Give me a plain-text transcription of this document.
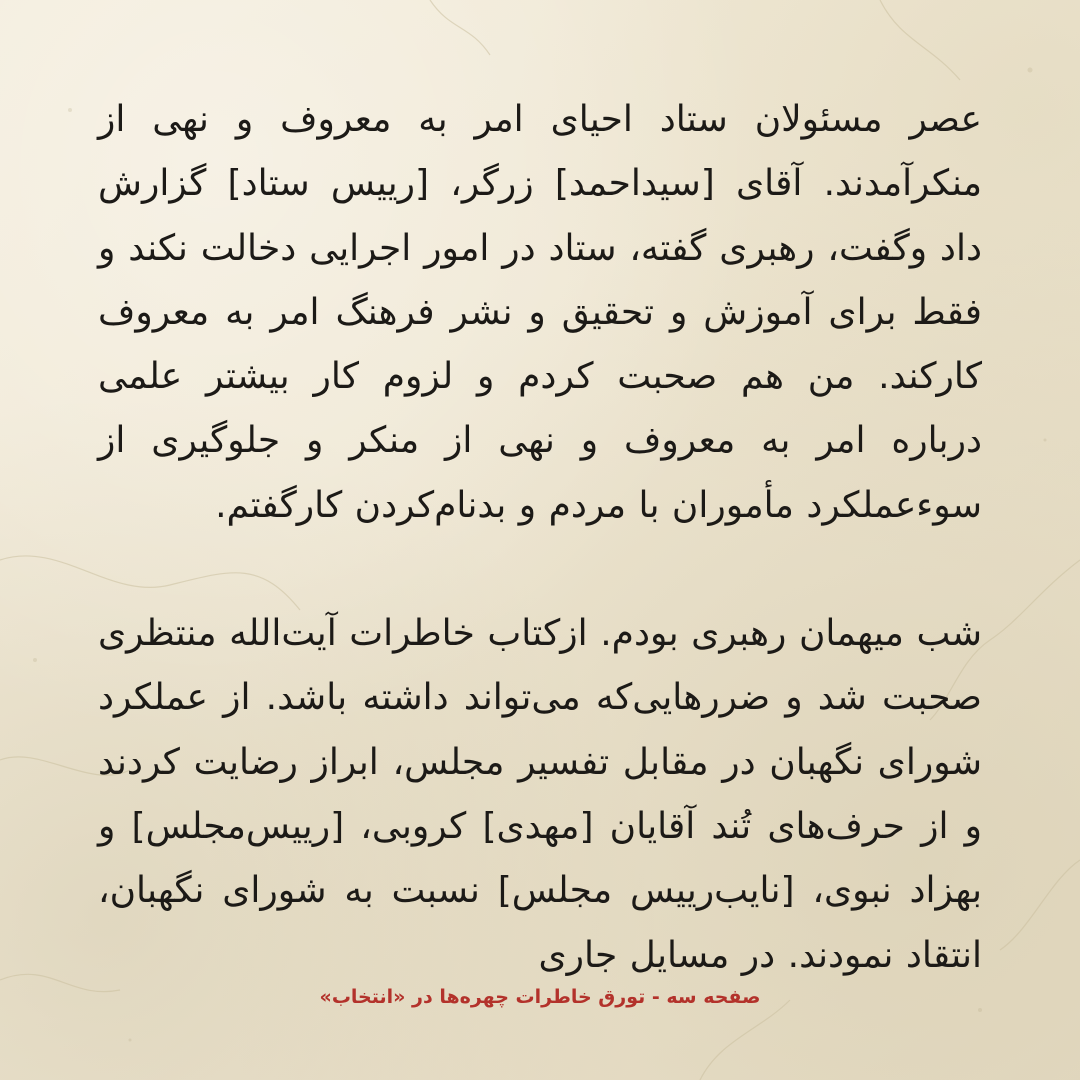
عصر مسئولان ستاد احیای امر به معروف و نهی از منکرآمدند. آقای [سیداحمد] زرگر، [رییس ستاد] گزارش داد وگفت، رهبری گفته، ستاد در امور اجرایی دخالت نکند و فقط برای آموزش و تحقیق و نشر فرهنگ امر به معروف کارکند. من هم صحبت کردم و لزوم کار بیشتر علمی درباره امر به معروف و نهی از منکر و جلوگیری از سوءعملکرد مأموران با مردم و بدنام‌کردن کارگفتم.

شب میهمان رهبری بودم. ازکتاب خاطرات آیت‌الله منتظری صحبت شد و ضررهایی‌که می‌تواند داشته باشد. از عملکرد شورای نگهبان در مقابل تفسیر مجلس، ابراز رضایت کردند و از حرف‌های تُند آقایان [مهدی] کروبی، [رییس‌مجلس] و بهزاد نبوی، [نایب‌رییس مجلس] نسبت به شورای نگهبان، انتقاد نمودند. در مسایل جاری

صفحه سه - تورق خاطرات چهره‌ها در «انتخاب»
